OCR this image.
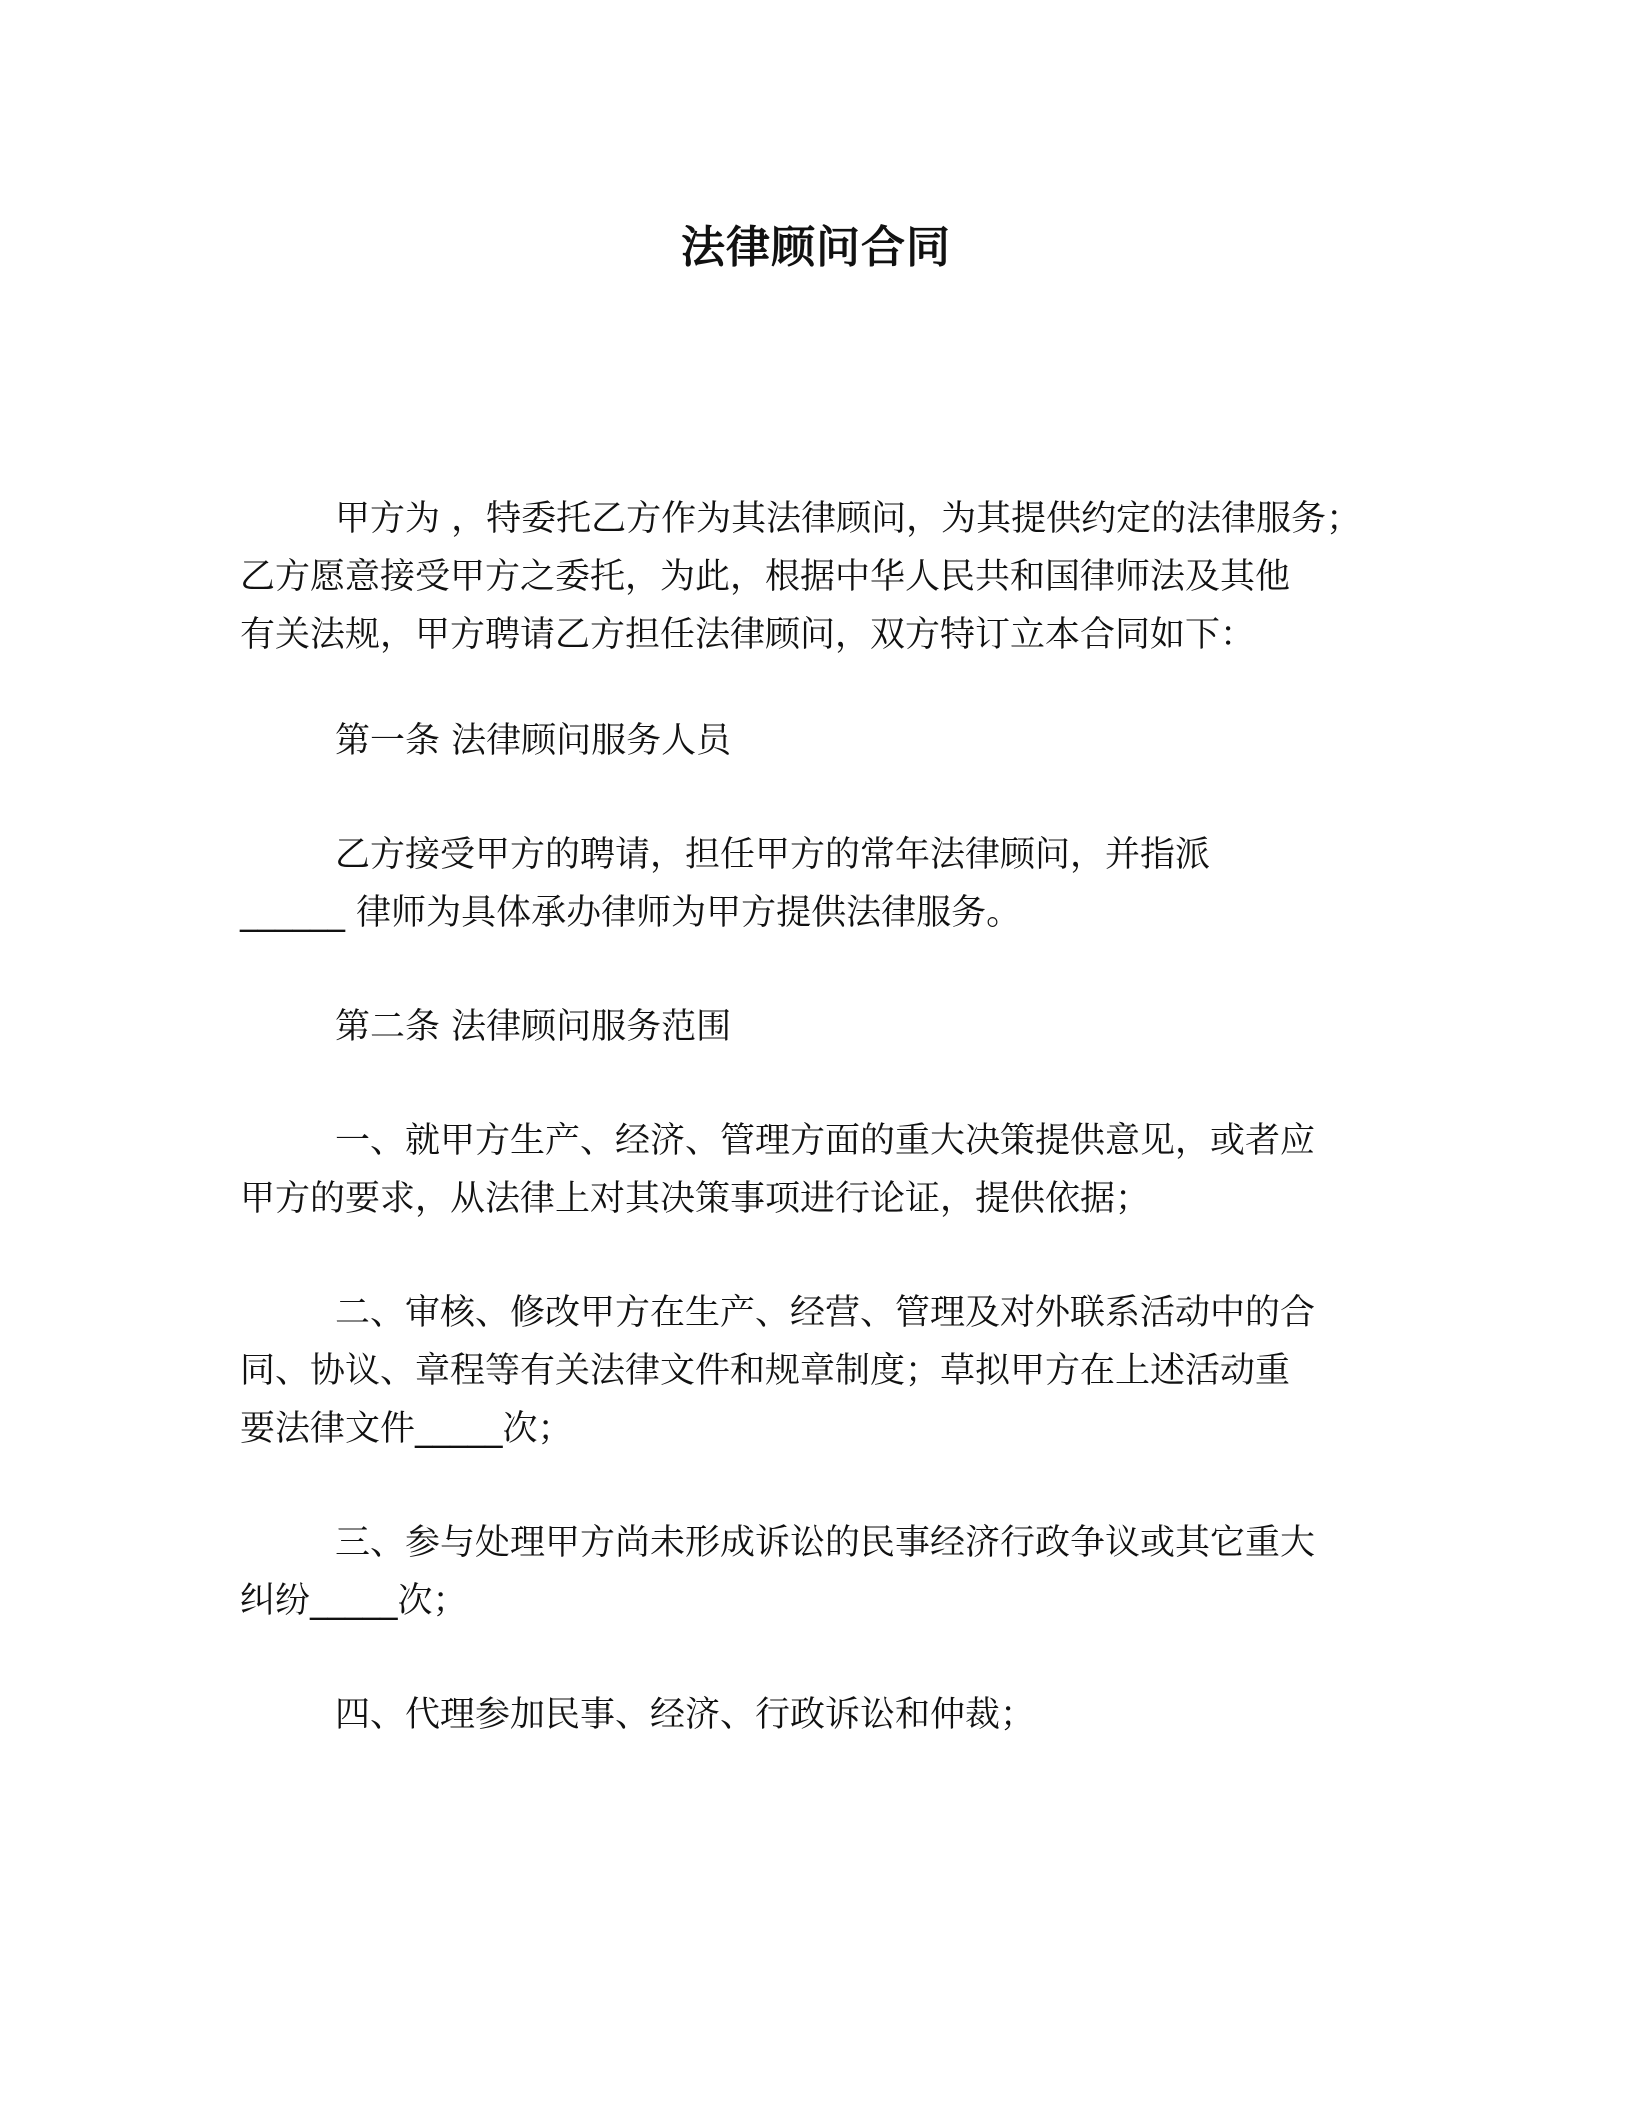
法律顾问合同
甲方为 ，特委托乙方作为其法律顾问，为其提供约定的法律服务；
乙方愿意接受甲方之委托，为此，根据中华人民共和国律师法及其他
有关法规，甲方聘请乙方担任法律顾问，双方特订立本合同如下：
第一条 法律顾问服务人员
乙方接受甲方的聘请，担任甲方的常年法律顾问，并指派
______ 律师为具体承办律师为甲方提供法律服务。
第二条 法律顾问服务范围
一、就甲方生产、经济、管理方面的重大决策提供意见，或者应
甲方的要求，从法律上对其决策事项进行论证，提供依据；
二、审核、修改甲方在生产、经营、管理及对外联系活动中的合
同、协议、章程等有关法律文件和规章制度；草拟甲方在上述活动重
要法律文件_____次；
三、参与处理甲方尚未形成诉讼的民事经济行政争议或其它重大
纠纷_____次；
四、代理参加民事、经济、行政诉讼和仲裁；
